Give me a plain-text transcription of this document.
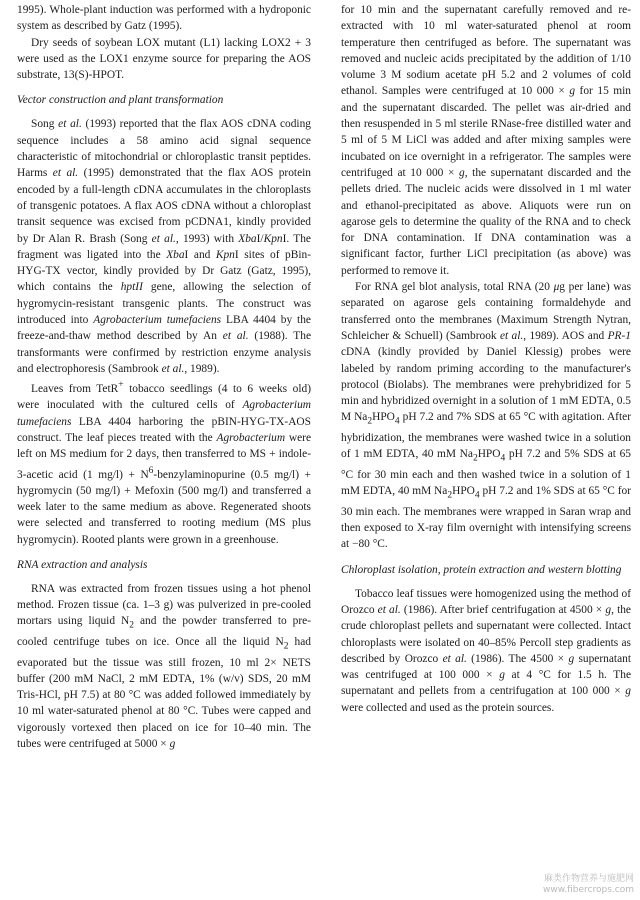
1995). Whole-plant induction was performed with a hydroponic system as described by Gatz (1995).

Dry seeds of soybean LOX mutant (L1) lacking LOX2 + 3 were used as the LOX1 enzyme source for preparing the AOS substrate, 13(S)-HPOT.

Vector construction and plant transformation

Song et al. (1993) reported that the flax AOS cDNA coding sequence includes a 58 amino acid signal sequence characteristic of mitochondrial or chloroplastic transit peptides. Harms et al. (1995) demonstrated that the flax AOS protein encoded by a full-length cDNA accumulates in the chloroplasts of transgenic potatoes. A flax AOS cDNA without a chloroplast transit sequence was excised from pCDNA1, kindly provided by Dr Alan R. Brash (Song et al., 1993) with XbaI/KpnI. The fragment was ligated into the XbaI and KpnI sites of pBin-HYG-TX vector, kindly provided by Dr Gatz (Gatz, 1995), which contains the hptII gene, allowing the selection of hygromycin-resistant transgenic plants. The construct was introduced into Agrobacterium tumefaciens LBA 4404 by the freeze-and-thaw method described by An et al. (1988). The transformants were confirmed by restriction enzyme analysis and electrophoresis (Sambrook et al., 1989).

Leaves from TetR+ tobacco seedlings (4 to 6 weeks old) were inoculated with the cultured cells of Agrobacterium tumefaciens LBA 4404 harboring the pBIN-HYG-TX-AOS construct. The leaf pieces treated with the Agrobacterium were left on MS medium for 2 days, then transferred to MS + indole-3-acetic acid (1 $mg/l) + N^6$-benzylaminopurine (0.5 mg/l) + hygromycin (50 mg/l) + Mefoxin (500 mg/l) and transferred a week later to the same medium as above. Regenerated shoots were selected and transferred to rooting medium (MS plus hygromycin). Rooted plants were grown in a greenhouse.

RNA extraction and analysis

RNA was extracted from frozen tissues using a hot phenol method. Frozen tissue (ca. 1–3 g) was pulverized in pre-cooled mortars using liquid $N_2$ and the powder transferred to pre-cooled centrifuge tubes on ice. Once all the liquid $N_2$ had evaporated but the tissue was still frozen, 10 ml 2× NETS buffer (200 mM NaCl, 2 mM EDTA, 1% (w/v) SDS, 20 mM Tris-HCl, pH 7.5) at 80 °C was added followed immediately by 10 ml water-saturated phenol at 80 °C. Tubes were capped and vigorously vortexed then placed on ice for 10–40 min. The tubes were centrifuged at 5000 × g

for 10 min and the supernatant carefully removed and re-extracted with 10 ml water-saturated phenol at room temperature then centrifuged as before. The supernatant was removed and nucleic acids precipitated by the addition of 1/10 volume 3 M sodium acetate pH 5.2 and 2 volumes of cold ethanol. Samples were centrifuged at 10 000 × g for 15 min and the supernatant discarded. The pellet was air-dried and then resuspended in 5 ml sterile RNase-free distilled water and 5 ml of 5 M LiCl was added and after mixing samples were incubated on ice overnight in a refrigerator. The samples were centrifuged at 10 000 × g, the supernatant discarded and the pellets dried. The nucleic acids were dissolved in 1 ml water and ethanol-precipitated as above. Aliquots were run on agarose gels to determine the quality of the RNA and to check for DNA contamination. If DNA contamination was a significant factor, further LiCl precipitation (as above) was performed to remove it.

For RNA gel blot analysis, total RNA (20 μg per lane) was separated on agarose gels containing formaldehyde and transferred onto the membranes (Maximum Strength Nytran, Schleicher & Schuell) (Sambrook et al., 1989). AOS and PR-1 cDNA (kindly provided by Daniel Klessig) probes were labeled by random priming according to the manufacturer's protocol (Biolabs). The membranes were prehybridized for 5 min and hybridized overnight in a solution of 1 mM EDTA, 0.5 M $Na_2HPO_4$ pH 7.2 and 7% SDS at 65 °C with agitation. After hybridization, the membranes were washed twice in a solution of 1 mM EDTA, 40 mM $Na_2HPO_4$ pH 7.2 and 5% SDS at 65 °C for 30 min each and then washed twice in a solution of 1 mM EDTA, 40 mM $Na_2HPO_4$ pH 7.2 and 1% SDS at 65 °C for 30 min each. The membranes were wrapped in Saran wrap and then exposed to X-ray film overnight with intensifying screens at −80 °C.

Chloroplast isolation, protein extraction and western blotting

Tobacco leaf tissues were homogenized using the method of Orozco et al. (1986). After brief centrifugation at 4500 × g, the crude chloroplast pellets and supernatant were collected. Intact chloroplasts were isolated on 40–85% Percoll step gradients as described by Orozco et al. (1986). The 4500 × g supernatant was centrifuged at 100 000 × g at 4 °C for 1.5 h. The supernatant and pellets from a centrifugation at 100 000 × g were collected and used as the protein sources.

麻类作物营养与施肥网
www.fibercrops.com
